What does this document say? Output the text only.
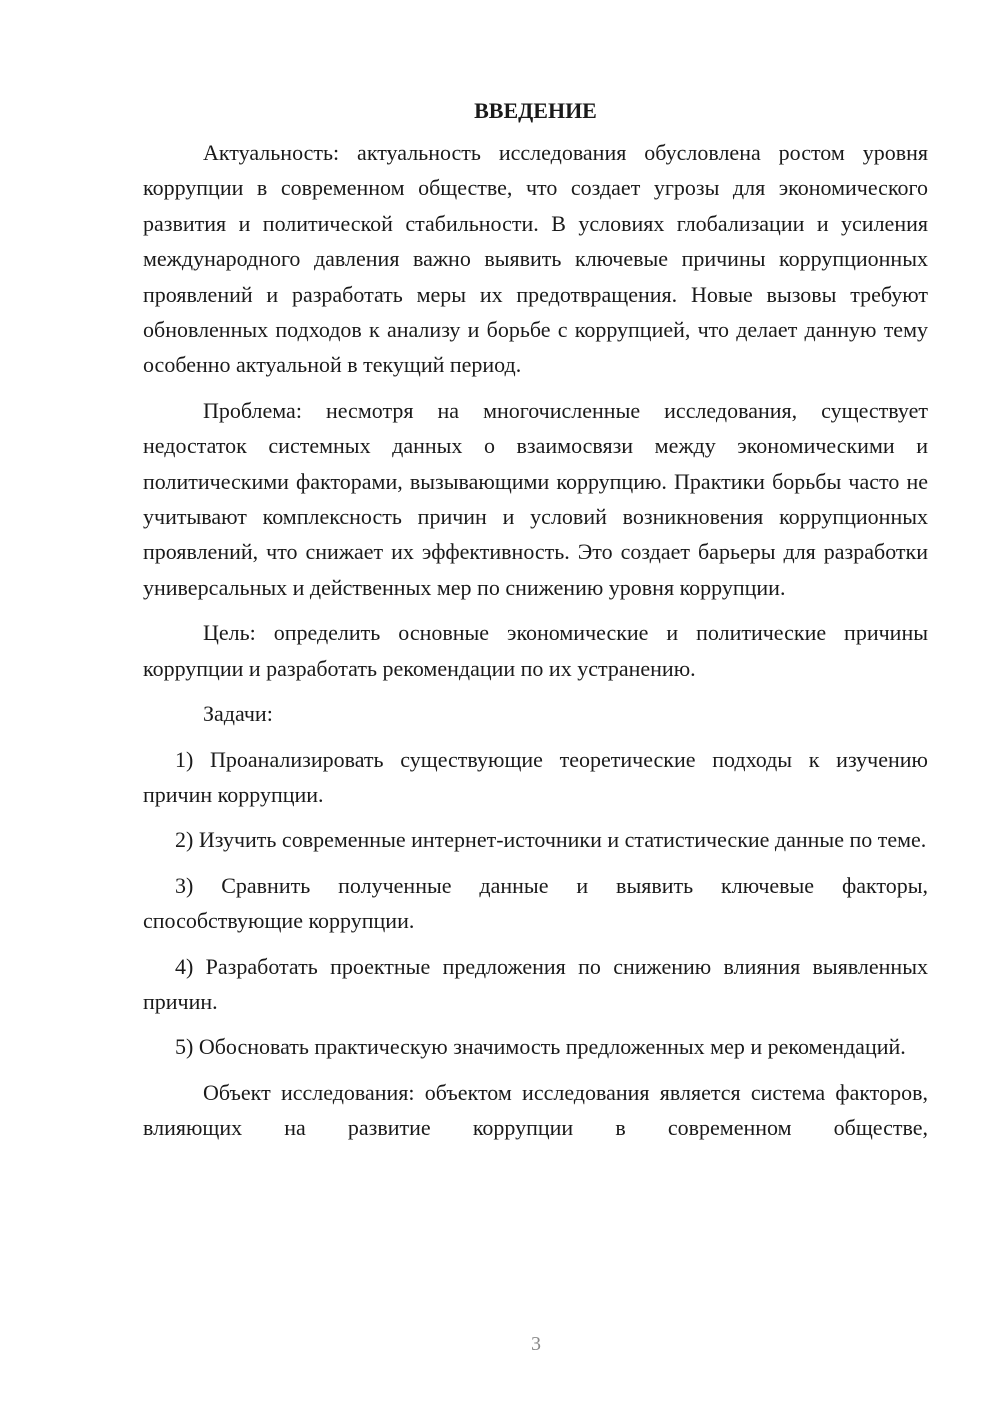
ВВЕДЕНИЕ

Актуальность: актуальность исследования обусловлена ростом уровня коррупции в современном обществе, что создает угрозы для экономического развития и политической стабильности. В условиях глобализации и усиления международного давления важно выявить ключевые причины коррупционных проявлений и разработать меры их предотвращения. Новые вызовы требуют обновленных подходов к анализу и борьбе с коррупцией, что делает данную тему особенно актуальной в текущий период.

Проблема: несмотря на многочисленные исследования, существует недостаток системных данных о взаимосвязи между экономическими и политическими факторами, вызывающими коррупцию. Практики борьбы часто не учитывают комплексность причин и условий возникновения коррупционных проявлений, что снижает их эффективность. Это создает барьеры для разработки универсальных и действенных мер по снижению уровня коррупции.

Цель: определить основные экономические и политические причины коррупции и разработать рекомендации по их устранению.

Задачи:

1) Проанализировать существующие теоретические подходы к изучению причин коррупции.

2) Изучить современные интернет-источники и статистические данные по теме.

3) Сравнить полученные данные и выявить ключевые факторы, способствующие коррупции.

4) Разработать проектные предложения по снижению влияния выявленных причин.

5) Обосновать практическую значимость предложенных мер и рекомендаций.

Объект исследования: объектом исследования является система факторов, влияющих на развитие коррупции в современном обществе,

3
